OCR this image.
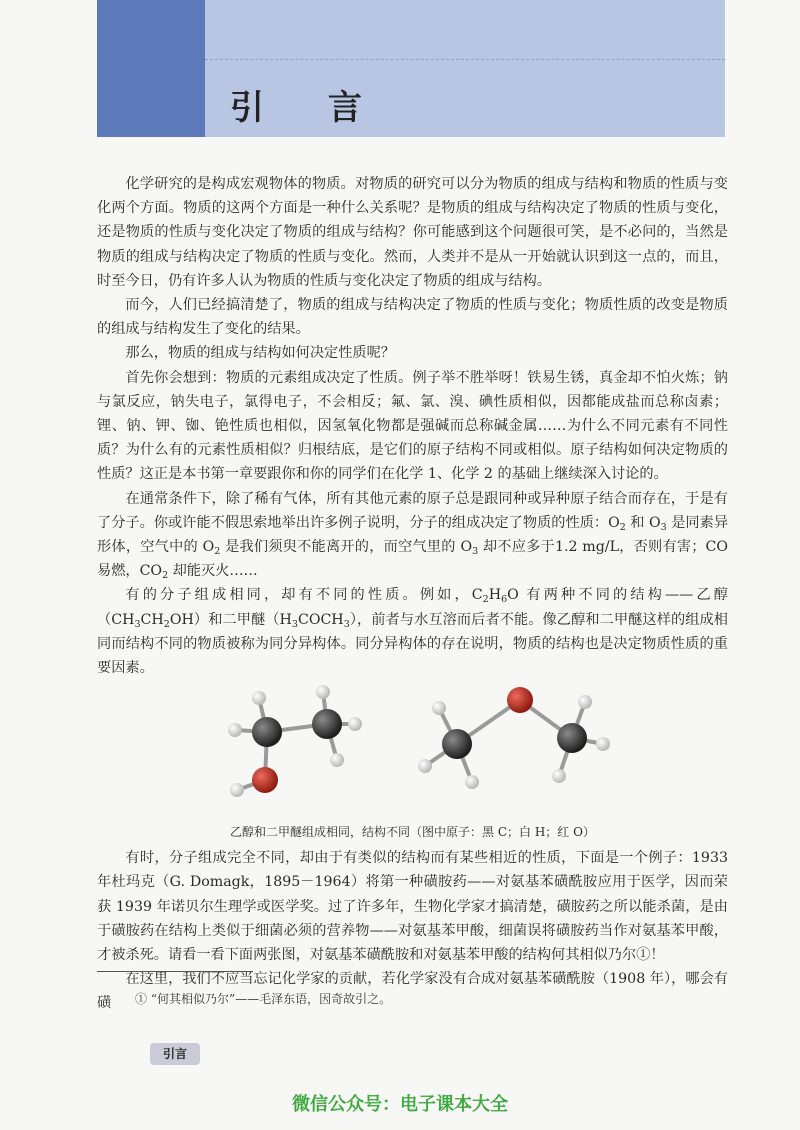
引 言

化学研究的是构成宏观物体的物质。对物质的研究可以分为物质的组成与结构和物质的性质与变化两个方面。物质的这两个方面是一种什么关系呢？是物质的组成与结构决定了物质的性质与变化，还是物质的性质与变化决定了物质的组成与结构？你可能感到这个问题很可笑，是不必问的，当然是物质的组成与结构决定了物质的性质与变化。然而，人类并不是从一开始就认识到这一点的，而且，时至今日，仍有许多人认为物质的性质与变化决定了物质的组成与结构。

而今，人们已经搞清楚了，物质的组成与结构决定了物质的性质与变化；物质性质的改变是物质的组成与结构发生了变化的结果。

那么，物质的组成与结构如何决定性质呢？

首先你会想到：物质的元素组成决定了性质。例子举不胜举呀！铁易生锈，真金却不怕火炼；钠与氯反应，钠失电子，氯得电子，不会相反；氟、氯、溴、碘性质相似，因都能成盐而总称卤素；锂、钠、钾、铷、铯性质也相似，因氢氧化物都是强碱而总称碱金属……为什么不同元素有不同性质？为什么有的元素性质相似？归根结底，是它们的原子结构不同或相似。原子结构如何决定物质的性质？这正是本书第一章要跟你和你的同学们在化学 1、化学 2 的基础上继续深入讨论的。

在通常条件下，除了稀有气体，所有其他元素的原子总是跟同种或异种原子结合而存在，于是有了分子。你或许能不假思索地举出许多例子说明，分子的组成决定了物质的性质：$O_2$ 和 $O_3$ 是同素异形体，空气中的 $O_2$ 是我们须臾不能离开的，而空气里的 $O_3$ 却不应多于1.2 mg/L，否则有害；CO 易燃，$CO_2$ 却能灭火……

有的分子组成相同，却有不同的性质。例如，$C_2H_6O$ 有两种不同的结构——乙醇$(CH_3CH_2OH)$和二甲醚$(H_3COCH_3)$，前者与水互溶而后者不能。像乙醇和二甲醚这样的组成相同而结构不同的物质被称为同分异构体。同分异构体的存在说明，物质的结构也是决定物质性质的重要因素。

乙醇和二甲醚组成相同，结构不同（图中原子：黑 C；白 H；红 O）

有时，分子组成完全不同，却由于有类似的结构而有某些相近的性质，下面是一个例子：1933 年杜玛克（G. Domagk，1895－1964）将第一种磺胺药——对氨基苯磺酰胺应用于医学，因而荣获 1939 年诺贝尔生理学或医学奖。过了许多年，生物化学家才搞清楚，磺胺药之所以能杀菌，是由于磺胺药在结构上类似于细菌必须的营养物——对氨基苯甲酸，细菌误将磺胺药当作对氨基苯甲酸，才被杀死。请看一看下面两张图，对氨基苯磺酰胺和对氨基苯甲酸的结构何其相似乃尔①！

在这里，我们不应当忘记化学家的贡献，若化学家没有合成对氨基苯磺酰胺（1908 年），哪会有磺	① “何其相似乃尔”——毛泽东语，因奇故引之。
引言
微信公众号：电子课本大全
